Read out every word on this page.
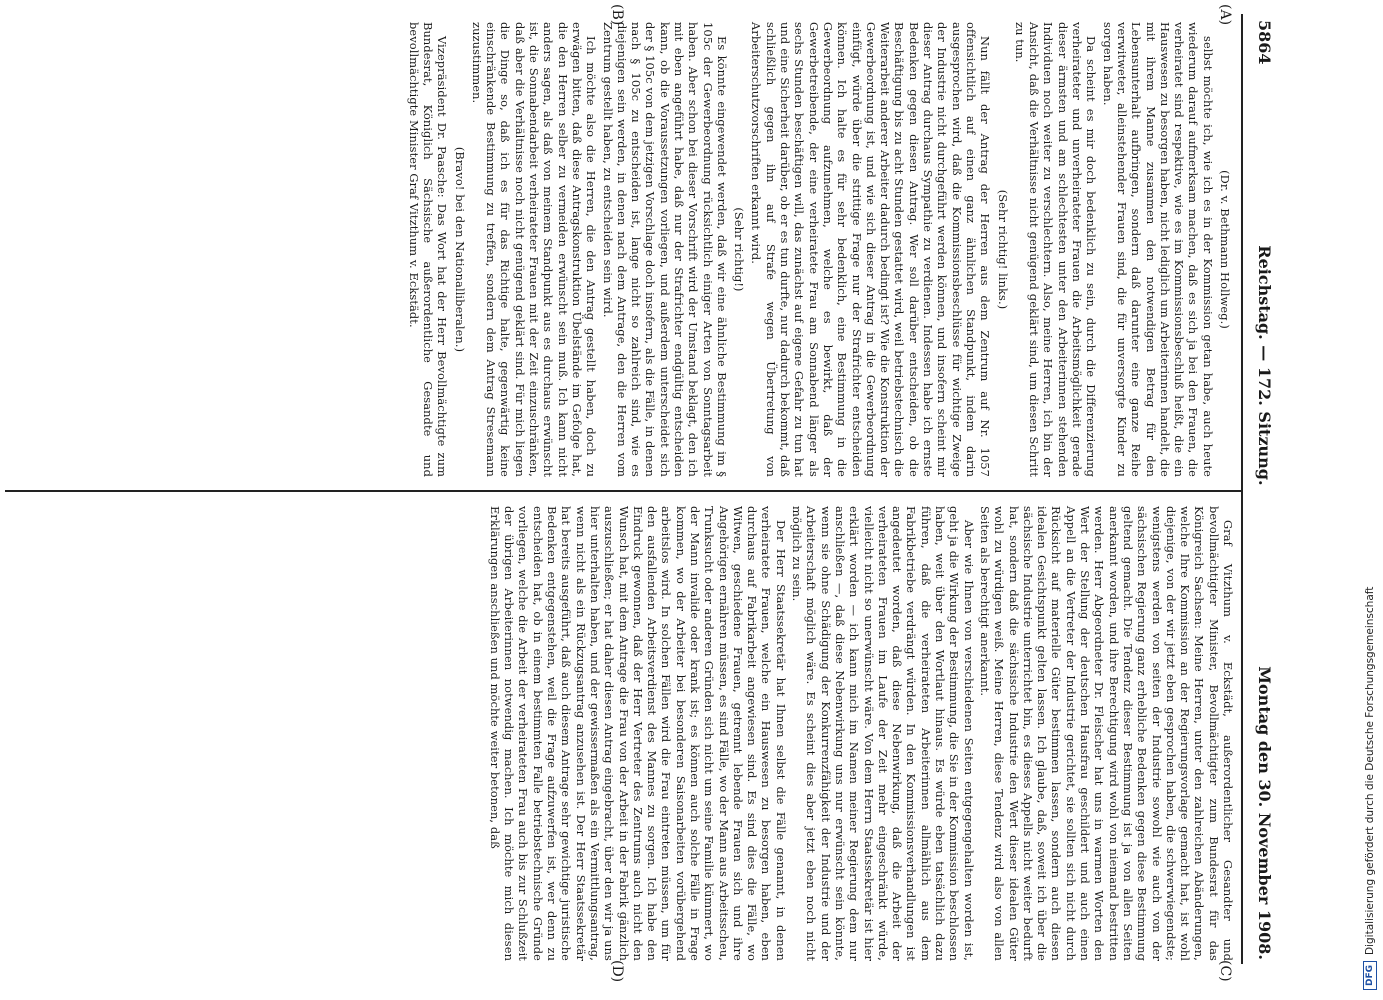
5864
Reichstag. — 172. Sitzung.
Montag den 30. November 1908.
(A)
(B)
(C)
(D)

(Dr. v. Bethmann Hollweg.)

selbst möchte ich, wie ich es in der Kommission getan habe, auch heute wiederum darauf aufmerksam machen, daß es sich ja bei den Frauen, die verheiratet sind respektive, wie es im Kommissionsbeschluß heißt, die ein Hauswesen zu besorgen haben, nicht lediglich um Arbeiterinnen handelt, die mit ihrem Manne zusammen den notwendigen Betrag für den Lebensunterhalt aufbringen, sondern daß darunter eine ganze Reihe verwitweter, alleinstehender Frauen sind, die für unversorgte Kinder zu sorgen haben.

Da scheint es mir doch bedenklich zu sein, durch die Differenzierung verheirateter und unverheirateter Frauen die Arbeitsmöglichkeit gerade dieser ärmsten und am schlechtesten unter den Arbeiterinnen stehenden Individuen noch weiter zu verschlechtern. Also, meine Herren, ich bin der Ansicht, daß die Verhältnisse nicht genügend geklärt sind, um diesen Schritt zu tun.

(Sehr richtig! links.)

Nun fällt der Antrag der Herren aus dem Zentrum auf Nr. 1057 offensichtlich auf einen ganz ähnlichen Standpunkt, indem darin ausgesprochen wird, daß die Kommissionsbeschlüsse für wichtige Zweige der Industrie nicht durchgeführt werden können, und insofern scheint mir dieser Antrag durchaus Sympathie zu verdienen. Indessen habe ich ernste Bedenken gegen diesen Antrag. Wer soll darüber entscheiden, ob die Beschäftigung bis zu acht Stunden gestattet wird, weil betriebstechnisch die Weiterarbeit anderer Arbeiter dadurch bedingt ist? Wie die Konstruktion der Gewerbeordnung ist, und wie sich dieser Antrag in die Gewerbeordnung einfügt, würde über die strittige Frage nur der Strafrichter entscheiden können. Ich halte es für sehr bedenklich, eine Bestimmung in die Gewerbeordnung aufzunehmen, welche es bewirkt, daß der Gewerbetreibende, der eine verheiratete Frau am Sonnabend länger als sechs Stunden beschäftigen will, das zunächst auf eigene Gefahr zu tun hat und eine Sicherheit darüber, ob er es tun durfte, nur dadurch bekommt, daß schließlich gegen ihn auf Strafe wegen Übertretung von Arbeiterschutzvorschriften erkannt wird.

(Sehr richtig!)

Es könnte eingewendet werden, daß wir eine ähnliche Bestimmung im § 105c der Gewerbeordnung rücksichtlich einiger Arten von Sonntagsarbeit haben. Aber schon bei dieser Vorschrift wird der Umstand beklagt, den ich mit eben angeführt habe, daß nur der Strafrichter endgültig entscheiden kann, ob die Voraussetzungen vorliegen, und außerdem unterscheidet sich der § 105c von dem jetzigen Vorschlage doch insofern, als die Fälle, in denen nach § 105c zu entscheiden ist, lange nicht so zahlreich sind, wie es diejenigen sein werden, in denen nach dem Antrage, den die Herren vom Zentrum gestellt haben, zu entscheiden sein wird.

Ich möchte also die Herren, die den Antrag gestellt haben, doch zu erwägen bitten, daß diese Antragskonstruktion Übelstände im Gefolge hat, die den Herren selber zu vermeiden erwünscht sein muß. Ich kann nicht anders sagen, als daß von meinem Standpunkt aus es durchaus erwünscht ist, die Sonnabendarbeit verheirateter Frauen mit der Zeit einzuschränken, daß aber die Verhältnisse noch nicht genügend geklärt sind. Für mich liegen die Dinge so, daß ich es für das Richtige halte, gegenwärtig keine einschränkende Bestimmung zu treffen, sondern dem Antrag Stresemann zuzustimmen.

(Bravo! bei den Nationalliberalen.)

Vizepräsident Dr. Paasche: Das Wort hat der Herr Bevollmächtigte zum Bundesrat, Königlich Sächsische außerordentliche Gesandte und bevollmächtigte Minister Graf Vitzthum v. Eckstädt.

Graf Vitzthum v. Eckstädt, außerordentlicher Gesandter und bevollmächtigter Minister, Bevollmächtigter zum Bundesrat für das Königreich Sachsen: Meine Herren, unter den zahlreichen Abänderungen, welche Ihre Kommission an der Regierungsvorlage gemacht hat, ist wohl diejenige, von der wir jetzt eben gesprochen haben, die schwerwiegendste; wenigstens werden von seiten der Industrie sowohl wie auch von der sächsischen Regierung ganz erhebliche Bedenken gegen diese Bestimmung geltend gemacht. Die Tendenz dieser Bestimmung ist ja von allen Seiten anerkannt worden, und ihre Berechtigung wird wohl von niemand bestritten werden. Herr Abgeordneter Dr. Fleischer hat uns in warmen Worten den Wert der Stellung der deutschen Hausfrau geschildert und auch einen Appell an die Vertreter der Industrie gerichtet, sie sollten sich nicht durch Rücksicht auf materielle Güter bestimmen lassen, sondern auch diesen idealen Gesichtspunkt gelten lassen. Ich glaube, daß, soweit ich über die sächsische Industrie unterrichtet bin, es dieses Appells nicht weiter bedurft hat, sondern daß die sächsische Industrie den Wert dieser idealen Güter wohl zu würdigen weiß. Meine Herren, diese Tendenz wird also von allen Seiten als berechtigt anerkannt.

Aber wie Ihnen von verschiedenen Seiten entgegengehalten worden ist, geht ja die Wirkung der Bestimmung, die Sie in der Kommission beschlossen haben, weit über den Wortlaut hinaus. Es würde eben tatsächlich dazu führen, daß die verheirateten Arbeiterinnen allmählich aus dem Fabrikbetriebe verdrängt würden. In den Kommissionsverhandlungen ist angedeutet worden, daß diese Nebenwirkung, daß die Arbeit der verheirateten Frauen im Laufe der Zeit mehr eingeschränkt würde, vielleicht nicht so unerwünscht wäre. Von dem Herrn Staatssekretär ist hier erklärt worden — ich kann mich im Namen meiner Regierung dem nur anschließen —, daß diese Nebenwirkung uns nur erwünscht sein könnte, wenn sie ohne Schädigung der Konkurrenzfähigkeit der Industrie und der Arbeiterschaft möglich wäre. Es scheint dies aber jetzt eben noch nicht möglich zu sein.

Der Herr Staatssekretär hat Ihnen selbst die Fälle genannt, in denen verheiratete Frauen, welche ein Hauswesen zu besorgen haben, eben durchaus auf Fabrikarbeit angewiesen sind. Es sind dies die Fälle, wo Witwen, geschiedene Frauen, getrennt lebende Frauen sich und ihre Angehörigen ernähren müssen, es sind Fälle, wo der Mann aus Arbeitsscheu, Trunksucht oder anderen Gründen sich nicht um seine Familie kümmert, wo der Mann invalide oder krank ist; es können auch solche Fälle in Frage kommen, wo der Arbeiter bei besonderen Saisonarbeiten vorübergehend arbeitslos wird. In solchen Fällen wird die Frau eintreten müssen, um für den ausfallenden Arbeitsverdienst des Mannes zu sorgen. Ich habe den Eindruck gewonnen, daß der Herr Vertreter des Zentrums auch nicht den Wunsch hat, mit dem Antrage die Frau von der Arbeit in der Fabrik gänzlich auszuschließen; er hat daher diesen Antrag eingebracht, über den wir ja uns hier unterhalten haben, und der gewissermaßen als ein Vermittlungsantrag, wenn nicht als ein Rückzugsantrag anzusehen ist. Der Herr Staatssekretär hat bereits ausgeführt, daß auch diesem Antrage sehr gewichtige juristische Bedenken entgegenstehen, weil die Frage aufzuwerfen ist, wer denn zu entscheiden hat, ob in einem bestimmten Falle betriebstechnische Gründe vorliegen, welche die Arbeit der verheirateten Frau auch bis zur Schlußzeit der übrigen Arbeiterinnen notwendig machen. Ich möchte mich diesen Erklärungen anschließen und möchte weiter betonen, daß

DFG
Digitalisierung gefördert durch die Deutsche Forschungsgemeinschaft
